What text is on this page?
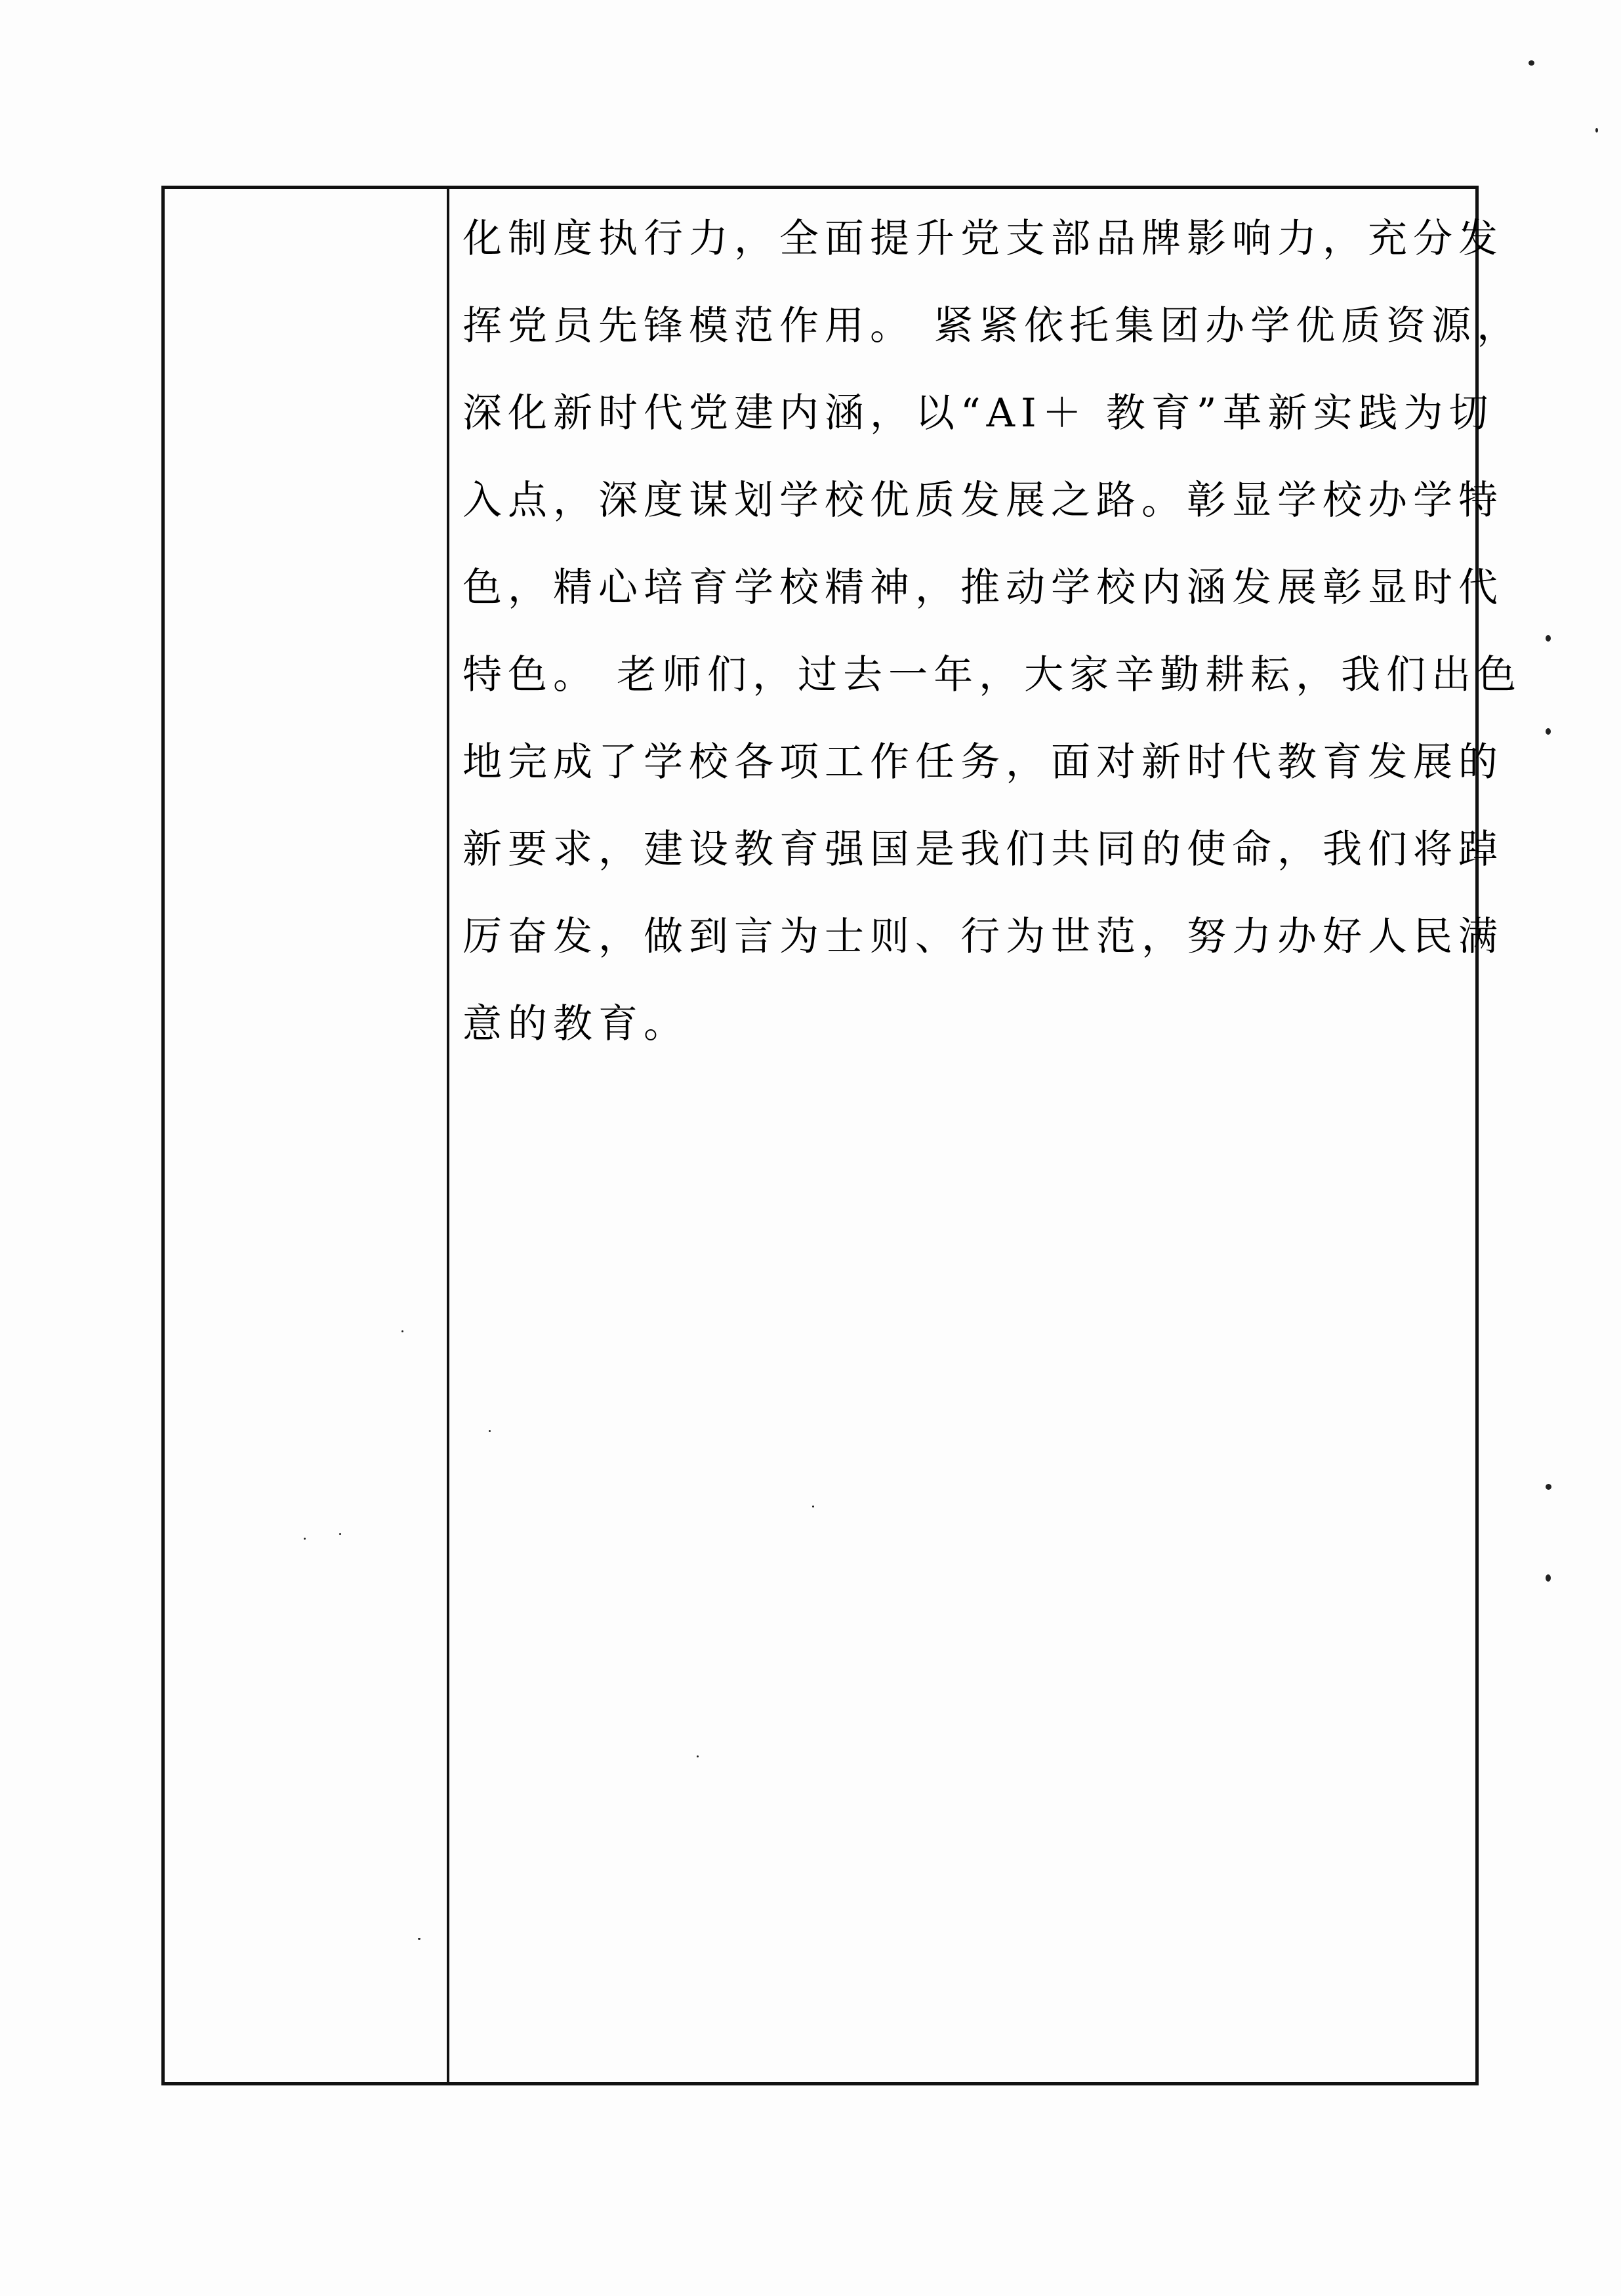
化制度执行力，全面提升党支部品牌影响力，充分发
挥党员先锋模范作用。 紧紧依托集团办学优质资源，
深化新时代党建内涵，以“AI＋ 教育”革新实践为切
入点，深度谋划学校优质发展之路。彰显学校办学特
色，精心培育学校精神，推动学校内涵发展彰显时代
特色。 老师们，过去一年，大家辛勤耕耘，我们出色
地完成了学校各项工作任务，面对新时代教育发展的
新要求，建设教育强国是我们共同的使命，我们将踔
厉奋发，做到言为士则、行为世范，努力办好人民满
意的教育。
